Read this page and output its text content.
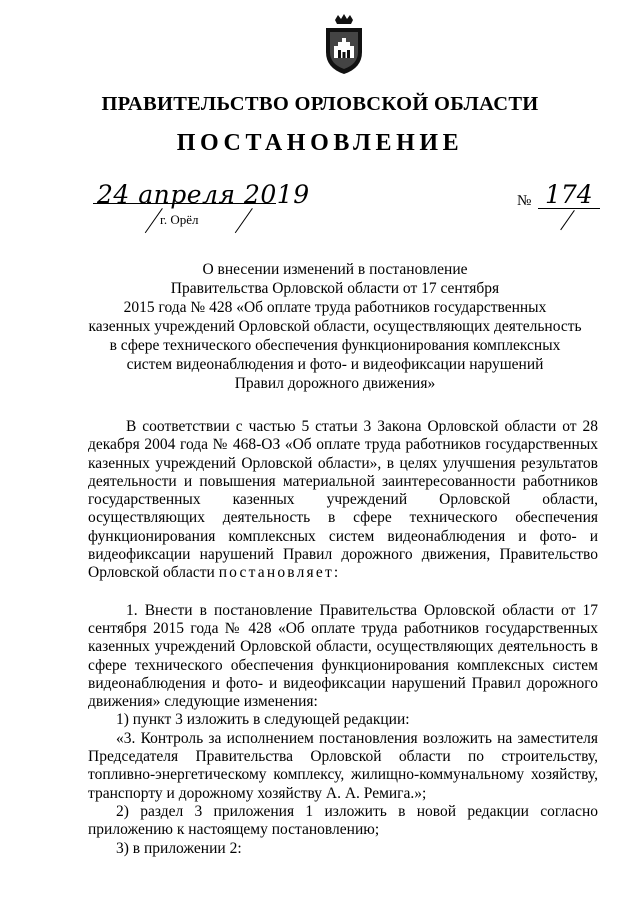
ПРАВИТЕЛЬСТВО ОРЛОВСКОЙ ОБЛАСТИ
ПОСТАНОВЛЕНИЕ
24 апреля 2019
г. Орёл
№ 174
О внесении изменений в постановление
Правительства Орловской области от 17 сентября
2015 года № 428 «Об оплате труда работников государственных
казенных учреждений Орловской области, осуществляющих деятельность
в сфере технического обеспечения функционирования комплексных
систем видеонаблюдения и фото- и видеофиксации нарушений
Правил дорожного движения»

В соответствии с частью 5 статьи 3 Закона Орловской области от 28 декабря 2004 года № 468-ОЗ «Об оплате труда работников государственных казенных учреждений Орловской области», в целях улучшения результатов деятельности и повышения материальной заинтересованности работников государственных казенных учреждений Орловской области, осуществляющих деятельность в сфере технического обеспечения функционирования комплексных систем видеонаблюдения и фото- и видеофиксации нарушений Правил дорожного движения, Правительство Орловской области постановляет:

1. Внести в постановление Правительства Орловской области от 17 сентября 2015 года № 428 «Об оплате труда работников государственных казенных учреждений Орловской области, осуществляющих деятельность в сфере технического обеспечения функционирования комплексных систем видеонаблюдения и фото- и видеофиксации нарушений Правил дорожного движения» следующие изменения:

1) пункт 3 изложить в следующей редакции:

«3. Контроль за исполнением постановления возложить на заместителя Председателя Правительства Орловской области по строительству, топливно-энергетическому комплексу, жилищно-коммунальному хозяйству, транспорту и дорожному хозяйству А. А. Ремига.»;

2) раздел 3 приложения 1 изложить в новой редакции согласно приложению к настоящему постановлению;

3) в приложении 2:
